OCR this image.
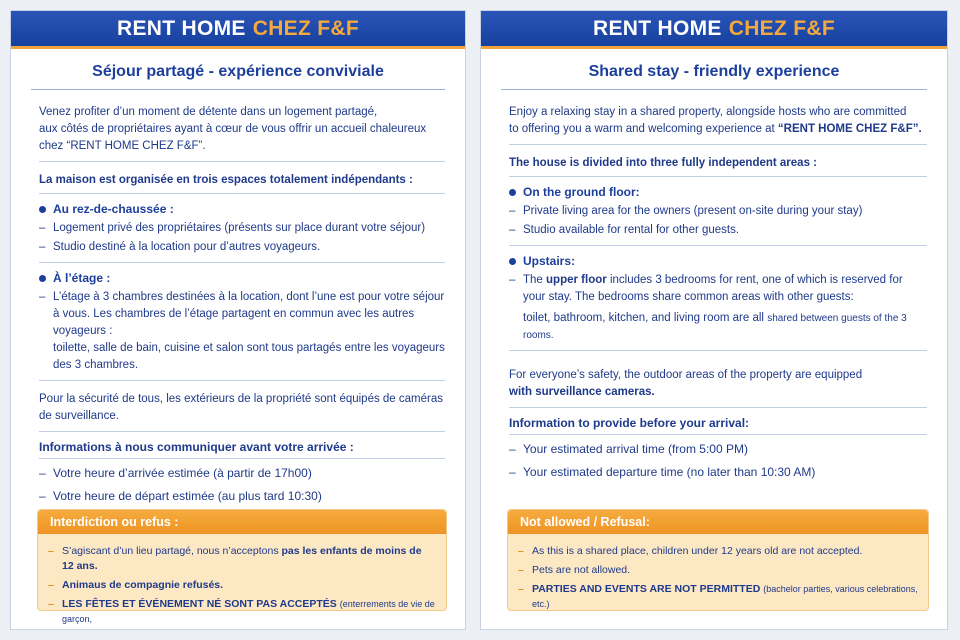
RENT HOME CHEZ F&F
Séjour partagé - expérience conviviale
Venez profiter d’un moment de détente dans un logement partagé,
aux côtés de propriétaires ayant à cœur de vous offrir un accueil chaleureux
chez “RENT HOME CHEZ F&F”.
La maison est organisée en trois espaces totalement indépendants :
Au rez-de-chaussée :
– Logement privé des propriétaires (présents sur place durant votre séjour)
– Studio destiné à la location pour d’autres voyageurs.
À l’étage :
– L’étage à 3 chambres destinées à la location, dont l’une est pour votre séjour
à vous. Les chambres de l’étage partagent en commun avec les autres voyageurs :
toilette, salle de bain, cuisine et salon sont tous partagés entre les voyageurs
des 3 chambres.
Pour la sécurité de tous, les extérieurs de la propriété sont équipés de caméras
de surveillance.
Informations à nous communiquer avant votre arrivée :
– Votre heure d’arrivée estimée (à partir de 17h00)
– Votre heure de départ estimée (au plus tard 10:30)
Interdiction ou refus :
– S’agiscant d’un lieu partagé, nous n’acceptons pas les enfants de moins de 12 ans.
– Animaus de compagnie refusés.
– LES FÊTES ET ÉVÉNEMENT NÉ SONT PAS ACCEPTÉS (enterrements de vie de garçon,
RENT HOME CHEZ F&F
Shared stay - friendly experience
Enjoy a relaxing stay in a shared property, alongside hosts who are committed
to offering you a warm and welcoming experience at “RENT HOME CHEZ F&F”.
The house is divided into three fully independent areas :
On the ground floor:
– Private living area for the owners (present on-site during your stay)
– Studio available for rental for other guests.
Upstairs:
– The upper floor includes 3 bedrooms for rent, one of which is reserved for
your stay. The bedrooms share common areas with other guests:
toilet, bathroom, kitchen, and living room are all shared between guests of the 3 rooms.
For everyone’s safety, the outdoor areas of the property are equipped
with surveillance cameras.
Information to provide before your arrival:
– Your estimated arrival time (from 5:00 PM)
– Your estimated departure time (no later than 10:30 AM)
Not allowed / Refusal:
– As this is a shared place, children under 12 years old are not accepted.
– Pets are not allowed.
– PARTIES AND EVENTS ARE NOT PERMITTED (bachelor parties, various celebrations, etc.)
